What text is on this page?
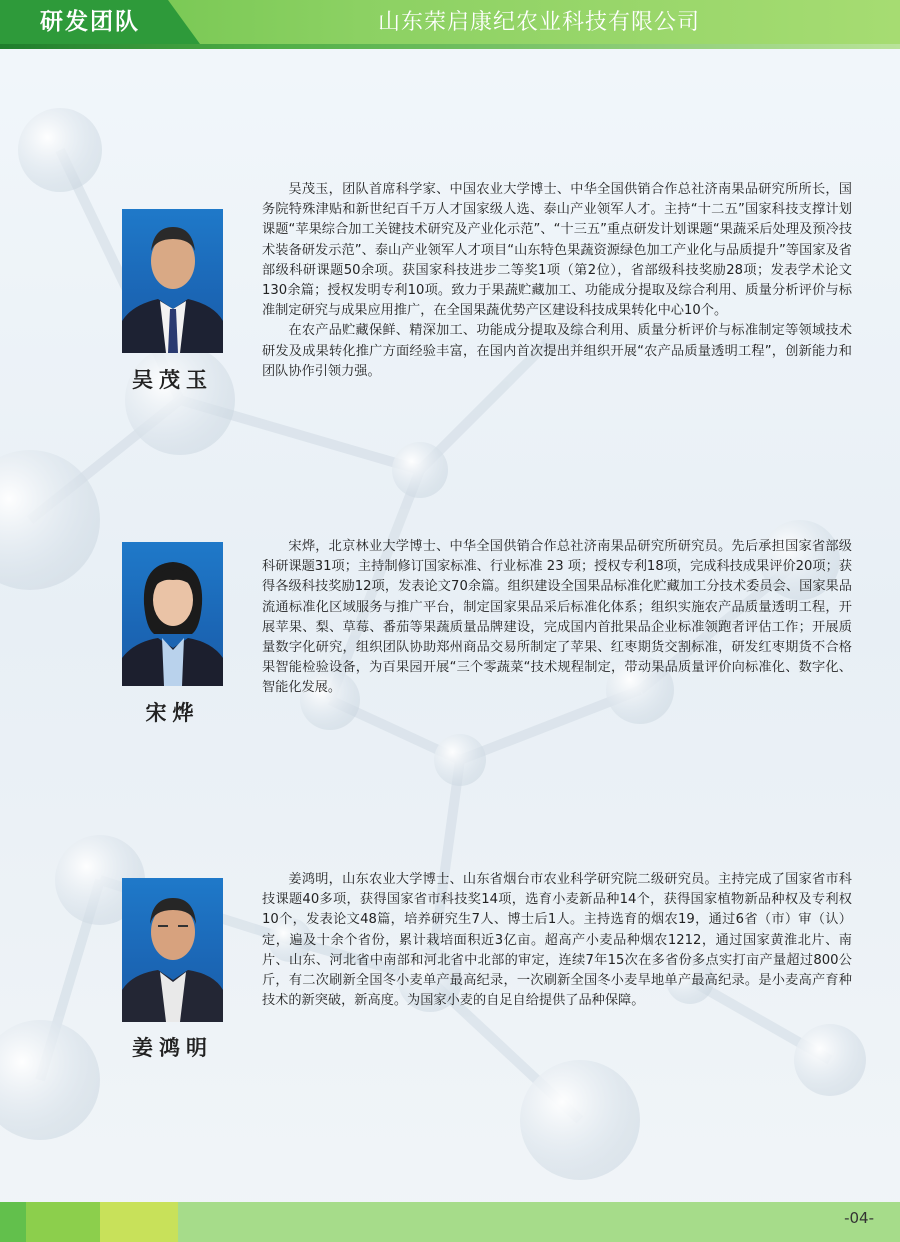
研发团队	山东荣启康纪农业科技有限公司
吴茂玉

吴茂玉，团队首席科学家、中国农业大学博士、中华全国供销合作总社济南果品研究所所长，国务院特殊津贴和新世纪百千万人才国家级人选、泰山产业领军人才。主持“十二五”国家科技支撑计划课题“苹果综合加工关键技术研究及产业化示范”、“十三五”重点研发计划课题“果蔬采后处理及预冷技术装备研发示范”、泰山产业领军人才项目“山东特色果蔬资源绿色加工产业化与品质提升”等国家及省部级科研课题50余项。获国家科技进步二等奖1项（第2位），省部级科技奖励28项；发表学术论文130余篇；授权发明专利10项。致力于果蔬贮藏加工、功能成分提取及综合利用、质量分析评价与标准制定研究与成果应用推广，在全国果蔬优势产区建设科技成果转化中心10个。

在农产品贮藏保鲜、精深加工、功能成分提取及综合利用、质量分析评价与标准制定等领域技术研发及成果转化推广方面经验丰富，在国内首次提出并组织开展“农产品质量透明工程”，创新能力和团队协作引领力强。

宋烨

宋烨，北京林业大学博士、中华全国供销合作总社济南果品研究所研究员。先后承担国家省部级科研课题31项；主持制修订国家标准、行业标准 23 项；授权专利18项，完成科技成果评价20项；获得各级科技奖励12项，发表论文70余篇。组织建设全国果品标准化贮藏加工分技术委员会、国家果品流通标准化区域服务与推广平台，制定国家果品采后标准化体系；组织实施农产品质量透明工程，开展苹果、梨、草莓、番茄等果蔬质量品牌建设，完成国内首批果品企业标准领跑者评估工作；开展质量数字化研究，组织团队协助郑州商品交易所制定了苹果、红枣期货交割标准，研发红枣期货不合格果智能检验设备，为百果园开展“三个零蔬菜“技术规程制定，带动果品质量评价向标准化、数字化、智能化发展。

姜鸿明

姜鸿明，山东农业大学博士、山东省烟台市农业科学研究院二级研究员。主持完成了国家省市科技课题40多项，获得国家省市科技奖14项，选育小麦新品种14个，获得国家植物新品种权及专利权10个，发表论文48篇，培养研究生7人、博士后1人。主持选育的烟农19，通过6省（市）审（认）定，遍及十余个省份，累计栽培面积近3亿亩。超高产小麦品种烟农1212，通过国家黄淮北片、南片、山东、河北省中南部和河北省中北部的审定，连续7年15次在多省份多点实打亩产量超过800公斤，有二次刷新全国冬小麦单产最高纪录，一次刷新全国冬小麦旱地单产最高纪录。是小麦高产育种技术的新突破，新高度。为国家小麦的自足自给提供了品种保障。

-04-
